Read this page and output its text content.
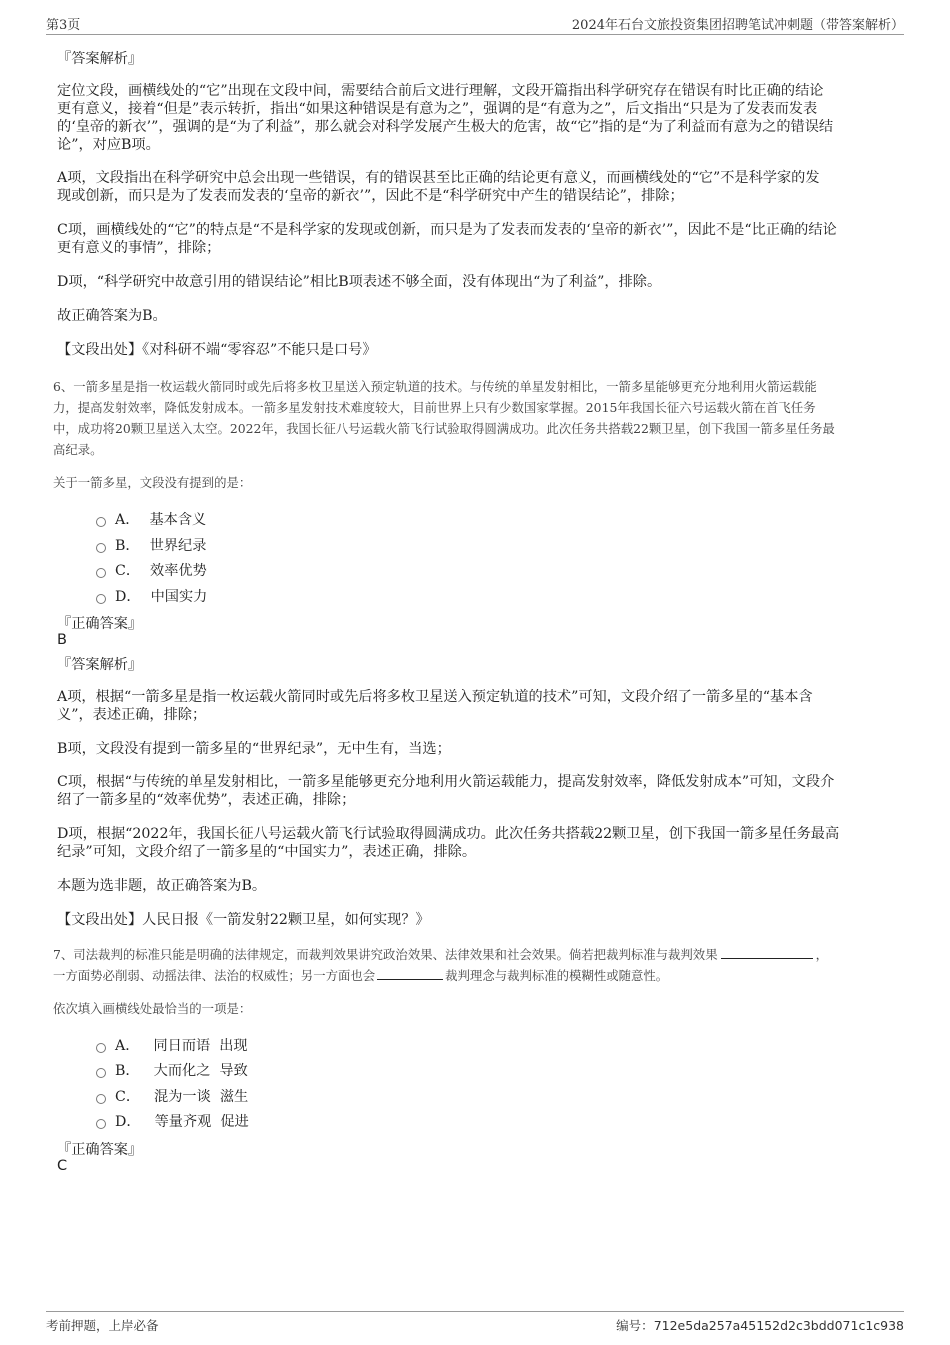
第3页	2024年石台文旅投资集团招聘笔试冲刺题（带答案解析）
『答案解析』

定位文段，画横线处的“它”出现在文段中间，需要结合前后文进行理解，文段开篇指出科学研究存在错误有时比正确的结论

更有意义，接着“但是”表示转折，指出“如果这种错误是有意为之”，强调的是“有意为之”，后文指出“只是为了发表而发表

的‘皇帝的新衣’”，强调的是“为了利益”，那么就会对科学发展产生极大的危害，故“它”指的是“为了利益而有意为之的错误结

论”，对应B项。

A项，文段指出在科学研究中总会出现一些错误，有的错误甚至比正确的结论更有意义，而画横线处的“它”不是科学家的发

现或创新，而只是为了发表而发表的‘皇帝的新衣’”，因此不是“科学研究中产生的错误结论”，排除；

C项，画横线处的“它”的特点是“不是科学家的发现或创新，而只是为了发表而发表的‘皇帝的新衣’”，因此不是“比正确的结论

更有意义的事情”，排除；

D项，“科学研究中故意引用的错误结论”相比B项表述不够全面，没有体现出“为了利益”，排除。

故正确答案为B。

【文段出处】《对科研不端“零容忍”不能只是口号》

6、一箭多星是指一枚运载火箭同时或先后将多枚卫星送入预定轨道的技术。与传统的单星发射相比，一箭多星能够更充分地利用火箭运载能

力，提高发射效率，降低发射成本。一箭多星发射技术难度较大，目前世界上只有少数国家掌握。2015年我国长征六号运载火箭在首飞任务

中，成功将20颗卫星送入太空。2022年，我国长征八号运载火箭飞行试验取得圆满成功。此次任务共搭载22颗卫星，创下我国一箭多星任务最

高纪录。

关于一箭多星，文段没有提到的是：
A． 基本含义
B． 世界纪录
C． 效率优势
D． 中国实力
『正确答案』
B
『答案解析』

A项，根据“一箭多星是指一枚运载火箭同时或先后将多枚卫星送入预定轨道的技术”可知，文段介绍了一箭多星的“基本含

义”，表述正确，排除；

B项，文段没有提到一箭多星的“世界纪录”，无中生有，当选；

C项，根据“与传统的单星发射相比，一箭多星能够更充分地利用火箭运载能力，提高发射效率，降低发射成本”可知，文段介

绍了一箭多星的“效率优势”，表述正确，排除；

D项，根据“2022年，我国长征八号运载火箭飞行试验取得圆满成功。此次任务共搭载22颗卫星，创下我国一箭多星任务最高

纪录”可知，文段介绍了一箭多星的“中国实力”，表述正确，排除。

本题为选非题，故正确答案为B。

【文段出处】人民日报《一箭发射22颗卫星，如何实现？》

7、司法裁判的标准只能是明确的法律规定，而裁判效果讲究政治效果、法律效果和社会效果。倘若把裁判标准与裁判效果	，

一方面势必削弱、动摇法律、法治的权威性；另一方面也会	裁判理念与裁判标准的模糊性或随意性。

依次填入画横线处最恰当的一项是：
A． 同日而语  出现
B． 大而化之  导致
C． 混为一谈  滋生
D． 等量齐观  促进
『正确答案』
C
考前押题，上岸必备	编号：712e5da257a45152d2c3bdd071c1c938
